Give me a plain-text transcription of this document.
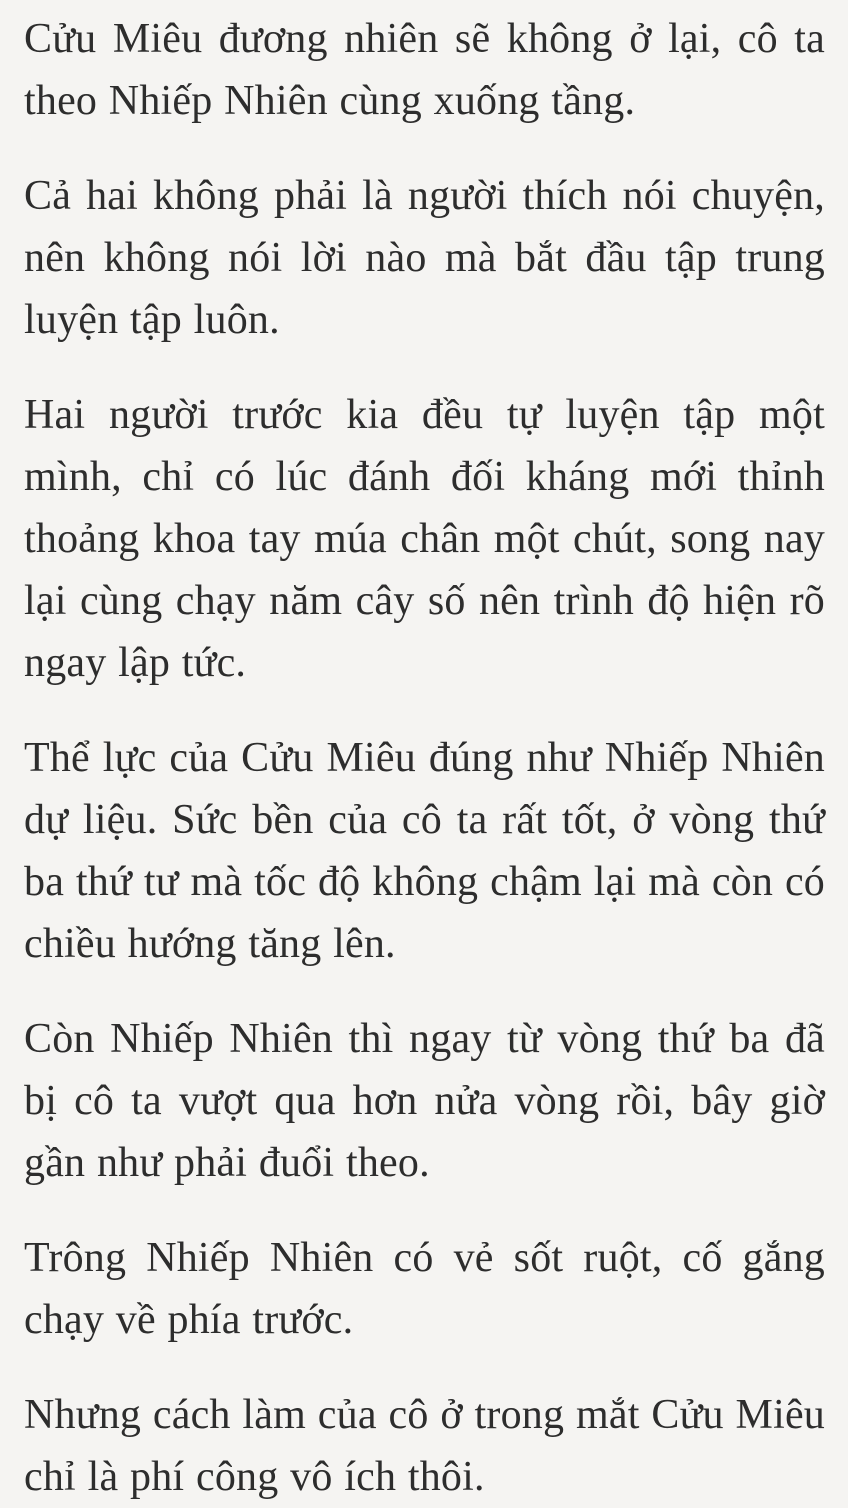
Cửu Miêu đương nhiên sẽ không ở lại, cô ta theo Nhiếp Nhiên cùng xuống tầng.

Cả hai không phải là người thích nói chuyện, nên không nói lời nào mà bắt đầu tập trung luyện tập luôn.

Hai người trước kia đều tự luyện tập một mình, chỉ có lúc đánh đối kháng mới thỉnh thoảng khoa tay múa chân một chút, song nay lại cùng chạy năm cây số nên trình độ hiện rõ ngay lập tức.

Thể lực của Cửu Miêu đúng như Nhiếp Nhiên dự liệu. Sức bền của cô ta rất tốt, ở vòng thứ ba thứ tư mà tốc độ không chậm lại mà còn có chiều hướng tăng lên.

Còn Nhiếp Nhiên thì ngay từ vòng thứ ba đã bị cô ta vượt qua hơn nửa vòng rồi, bây giờ gần như phải đuổi theo.

Trông Nhiếp Nhiên có vẻ sốt ruột, cố gắng chạy về phía trước.

Nhưng cách làm của cô ở trong mắt Cửu Miêu chỉ là phí công vô ích thôi.
